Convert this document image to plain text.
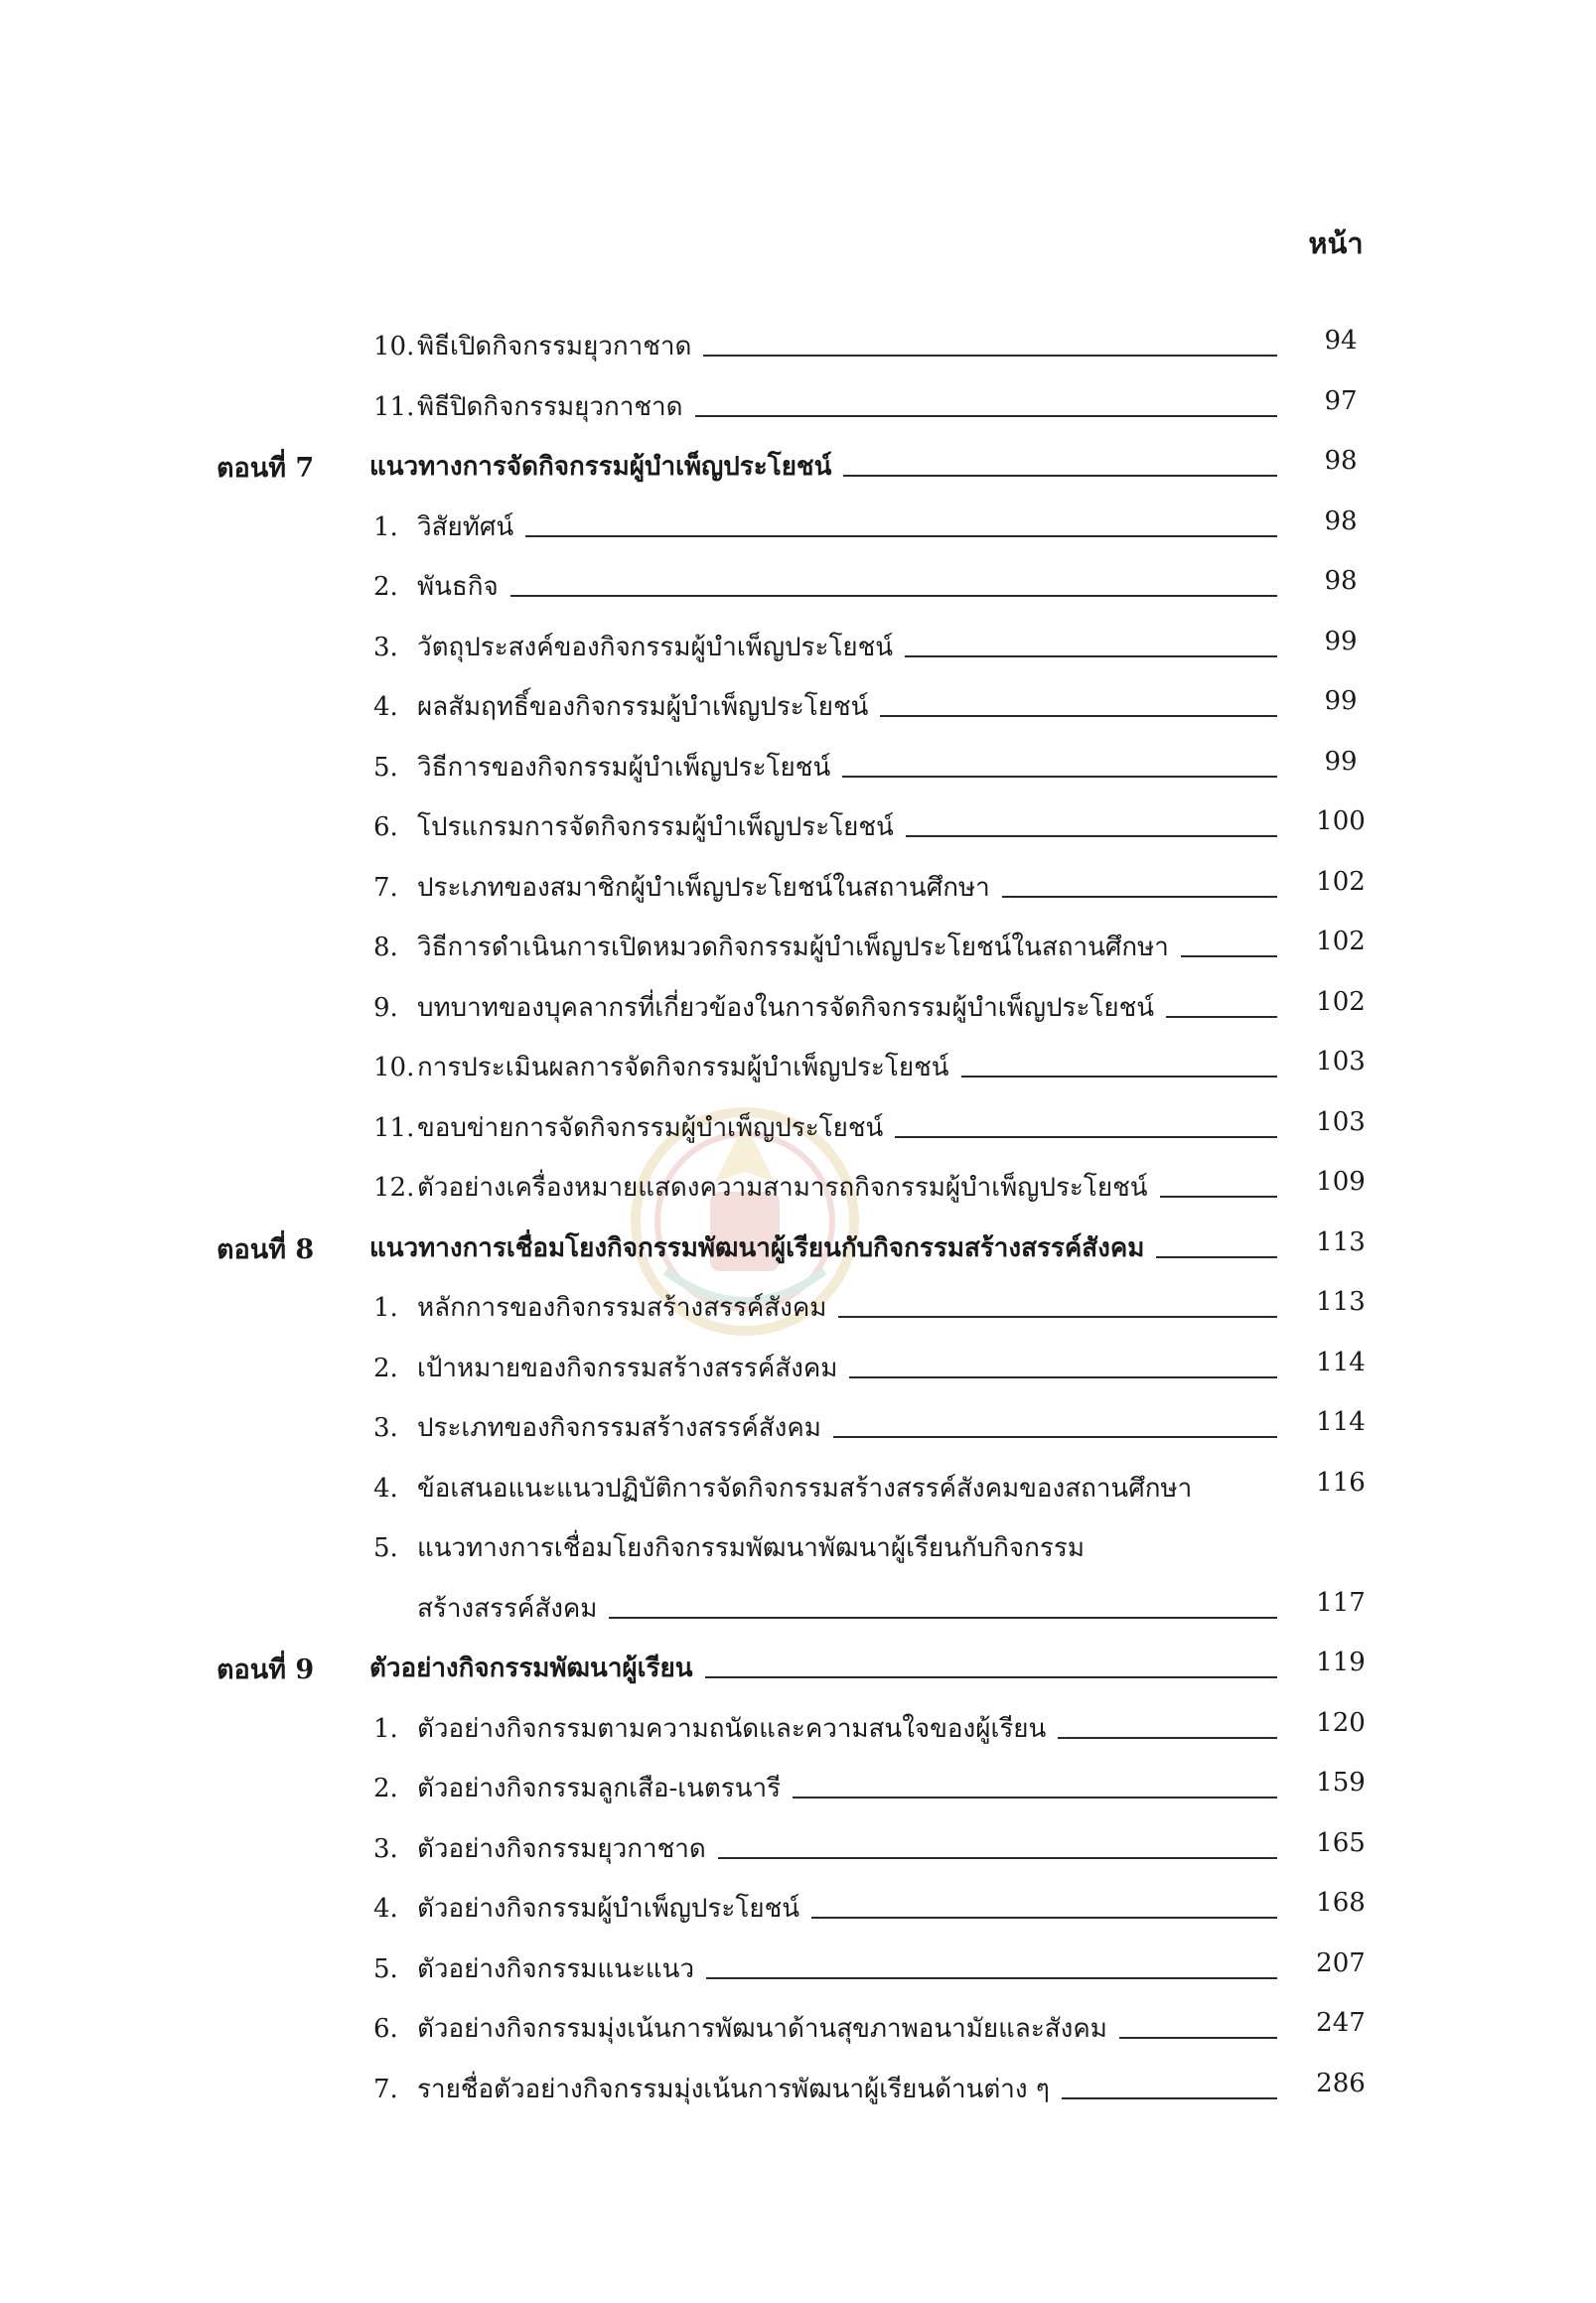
หน้า
10. พิธีเปิดกิจกรรมยุวกาชาด	94
11. พิธีปิดกิจกรรมยุวกาชาด	97
ตอนที่ 7 แนวทางการจัดกิจกรรมผู้บำเพ็ญประโยชน์	98
1. วิสัยทัศน์	98
2. พันธกิจ	98
3. วัตถุประสงค์ของกิจกรรมผู้บำเพ็ญประโยชน์	99
4. ผลสัมฤทธิ์ของกิจกรรมผู้บำเพ็ญประโยชน์	99
5. วิธีการของกิจกรรมผู้บำเพ็ญประโยชน์	99
6. โปรแกรมการจัดกิจกรรมผู้บำเพ็ญประโยชน์	100
7. ประเภทของสมาชิกผู้บำเพ็ญประโยชน์ในสถานศึกษา	102
8. วิธีการดำเนินการเปิดหมวดกิจกรรมผู้บำเพ็ญประโยชน์ในสถานศึกษา	102
9. บทบาทของบุคลากรที่เกี่ยวข้องในการจัดกิจกรรมผู้บำเพ็ญประโยชน์	102
10. การประเมินผลการจัดกิจกรรมผู้บำเพ็ญประโยชน์	103
11. ขอบข่ายการจัดกิจกรรมผู้บำเพ็ญประโยชน์	103
12. ตัวอย่างเครื่องหมายแสดงความสามารถกิจกรรมผู้บำเพ็ญประโยชน์	109
ตอนที่ 8 แนวทางการเชื่อมโยงกิจกรรมพัฒนาผู้เรียนกับกิจกรรมสร้างสรรค์สังคม	113
1. หลักการของกิจกรรมสร้างสรรค์สังคม	113
2. เป้าหมายของกิจกรรมสร้างสรรค์สังคม	114
3. ประเภทของกิจกรรมสร้างสรรค์สังคม	114
4. ข้อเสนอแนะแนวปฏิบัติการจัดกิจกรรมสร้างสรรค์สังคมของสถานศึกษา	116
5. แนวทางการเชื่อมโยงกิจกรรมพัฒนาพัฒนาผู้เรียนกับกิจกรรม
สร้างสรรค์สังคม	117
ตอนที่ 9 ตัวอย่างกิจกรรมพัฒนาผู้เรียน	119
1. ตัวอย่างกิจกรรมตามความถนัดและความสนใจของผู้เรียน	120
2. ตัวอย่างกิจกรรมลูกเสือ-เนตรนารี	159
3. ตัวอย่างกิจกรรมยุวกาชาด	165
4. ตัวอย่างกิจกรรมผู้บำเพ็ญประโยชน์	168
5. ตัวอย่างกิจกรรมแนะแนว	207
6. ตัวอย่างกิจกรรมมุ่งเน้นการพัฒนาด้านสุขภาพอนามัยและสังคม	247
7. รายชื่อตัวอย่างกิจกรรมมุ่งเน้นการพัฒนาผู้เรียนด้านต่าง ๆ	286
